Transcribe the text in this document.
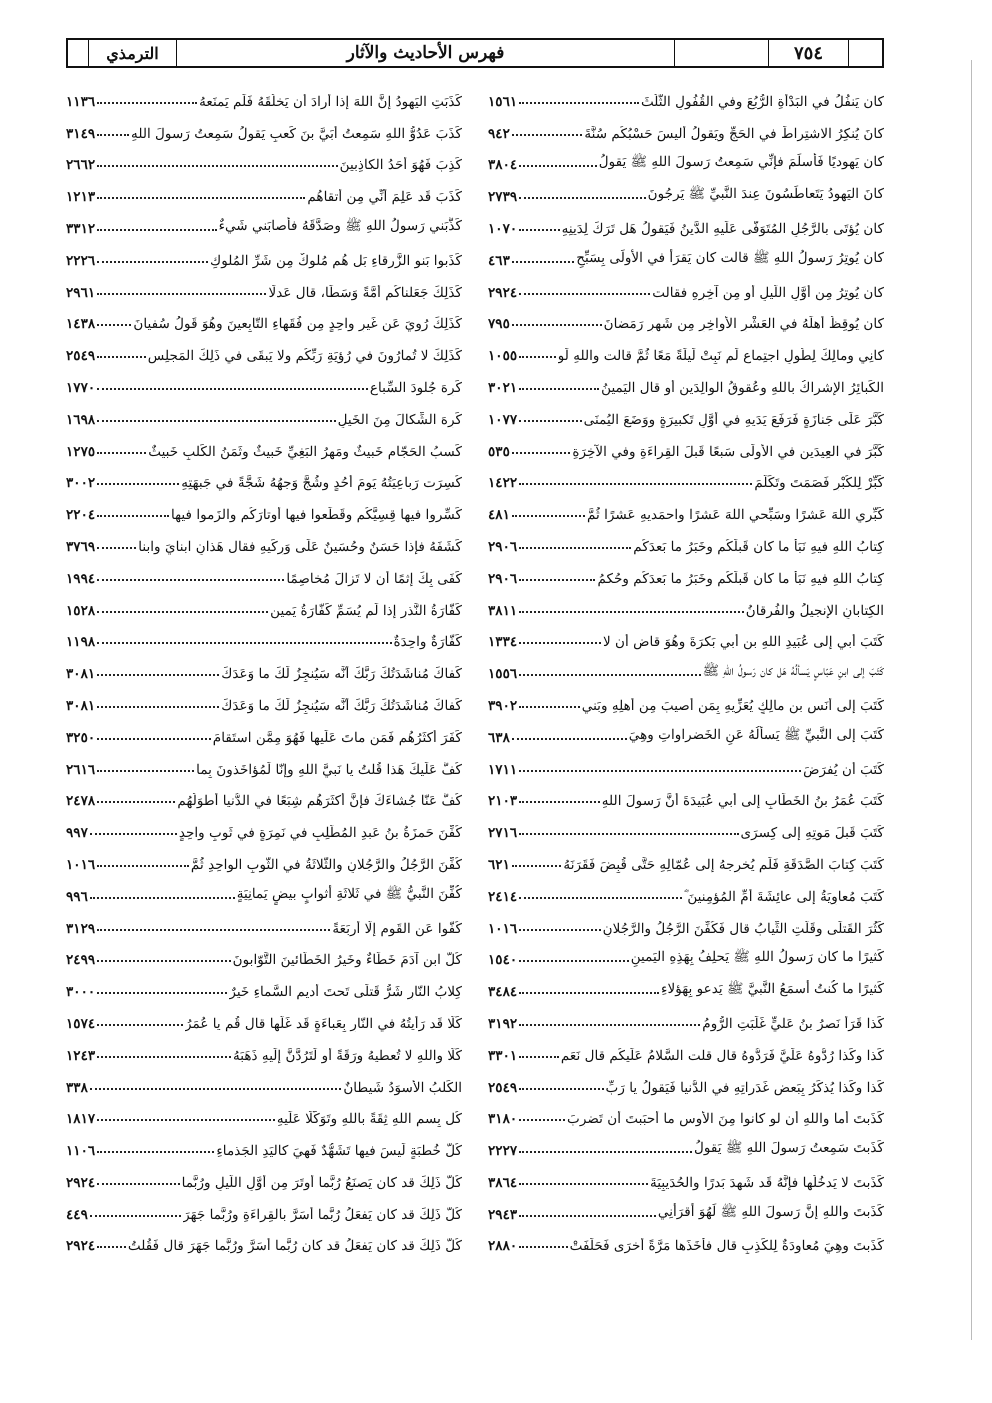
٧٥٤
فهرس الأحاديث والآثار
الترمذي
كان يَنفُلُ في البَدْأةِ الرُّبُعَ وفي القُفُولِ الثُّلُثَ
١٥٦١
كانَ يُنكِرُ الاشتِراطَ في الحَجِّ ويَقولُ أليسَ حَسْبُكُم سُنَّةَ
٩٤٢
كان يَهوديًا فَأسلَمَ فإنِّي سَمِعتُ رَسولَ اللهِ ﷺ يَقولُ
٣٨٠٤
كانَ اليَهودُ يَتَعاطَسُونَ عِندَ النَّبيِّ ﷺ يَرجُونَ
٢٧٣٩
كان يُؤتَى بالرَّجُلِ المُتَوَفَّى عَلَيهِ الدَّينُ فَيَقولُ هَل تَرَكَ لِدَينِهِ
١٠٧٠
كان يُوتِرُ رَسولُ اللهِ ﷺ قالت كان يَقرَأُ في الأُولَى بِسَبِّحِ
٤٦٣
كان يُوتِرُ مِن أوَّلِ اللَّيلِ أو مِن آخِرِهِ فقالت
٢٩٢٤
كان يُوقِظُ أهلَهُ في العَشْرِ الأواخِرِ مِن شَهرِ رَمَضانَ
٧٩٥
كانِي ومالِكَ لِطُولِ اجتِماعٍ لَم نَبِتْ لَيلَةً مَعًا ثُمَّ قالت واللهِ لَو
١٠٥٥
الكَبائِرُ الإشراكُ باللهِ وعُقوقُ الوالِدَينِ أو قال اليَمينُ
٣٠٢١
كَبَّرَ عَلَى جَنازَةٍ فَرَفَعَ يَدَيهِ في أوَّلِ تَكبيرَةٍ ووَضَعَ اليُمنَى
١٠٧٧
كَبَّرَ في العِيدَينِ في الأُولَى سَبعًا قَبلَ القِراءَةِ وفي الآخِرَةِ
٥٣٥
كَبِّرْ لِلكُبْرِ فَصَمَتَ وتَكَلَّمَ
١٤٢٢
كَبِّري اللهَ عَشرًا وسَبِّحي اللهَ عَشرًا واحمَديهِ عَشرًا ثُمَّ
٤٨١
كِتابُ اللهِ فيهِ نَبَأُ ما كان قَبلَكُم وخَبَرُ ما بَعدَكُم
٢٩٠٦
كِتابُ اللهِ فيهِ نَبَأُ ما كان قَبلَكُم وخَبَرُ ما بَعدَكُم وحُكمُ
٢٩٠٦
الكِتابانِ الإنجيلُ والفُرقانُ
٣٨١١
كَتَبَ أبي إلى عُبَيدِ اللهِ بنِ أبي بَكرَةَ وهُوَ قاضٍ أن لا
١٣٣٤
كَتَبَ إلى ابنِ عَبّاسٍ يَسألُهُ هَل كان رَسولُ اللهِ ﷺ
١٥٥٦
كَتَبَ إلى أنَسِ بنِ مالِكٍ يُعَزِّيهِ بِمَن أُصيبَ مِن أهلِهِ وبَني
٣٩٠٢
كَتَبَ إلى النَّبيِّ ﷺ يَسألُهُ عَنِ الخَضراواتِ وهِيَ
٦٣٨
كَتَبَ أن يُفرَضَ
١٧١١
كَتَبَ عُمَرُ بنُ الخَطّابِ إلى أبي عُبَيدَةَ أنَّ رَسولَ اللهِ
٢١٠٣
كَتَبَ قَبلَ مَوتِهِ إلى كِسرَى
٢٧١٦
كَتَبَ كِتابَ الصَّدَقَةِ فَلَم يُخرِجهُ إلى عُمّالِهِ حَتَّى قُبِضَ فَقَرَنَهُ
٦٢١
كَتَبَ مُعاوِيَةُ إلى عائِشَةَ أُمِّ المُؤمِنينَ ؓ
٢٤١٤
كَثُرَ القَتلَى وقَلَّتِ الثِّيابُ قال فَكُفِّنَ الرَّجُلُ والرَّجُلانِ
١٠١٦
كَثيرًا ما كان رَسولُ اللهِ ﷺ يَحلِفُ بِهَذِهِ اليَمينِ
١٥٤٠
كَثيرًا ما كُنتُ أسمَعُ النَّبيَّ ﷺ يَدعو بِهَؤلاءِ
٣٤٨٤
كَذا قَرَأ نَصرُ بنُ عَليٍّ غَلَبَتِ الرُّومُ
٣١٩٢
كَذا وكَذا رُدُّوهُ عَلَيَّ فَرَدُّوهُ قال قلت السَّلامُ عَلَيكُم قال نَعَم
٣٣٠١
كَذا وكَذا يُذكَرُ بِبَعضِ غَدَراتِهِ في الدُّنيا فَيَقولُ يا رَبِّ
٢٥٤٩
كَذَبتَ أما واللهِ أن لو كانوا مِنَ الأوسِ ما أحبَبتَ أن تَضرِبَ
٣١٨٠
كَذَبتَ سَمِعتُ رَسولَ اللهِ ﷺ يَقولُ
٢٢٢٧
كَذَبتَ لا يَدخُلُها فإنَّهُ قَد شَهِدَ بَدرًا والحُدَيبِيَةَ
٣٨٦٤
كَذَبتَ واللهِ إنَّ رَسولَ اللهِ ﷺ لَهُوَ أقرَأنِي
٢٩٤٣
كَذَبتَ وهِيَ مُعاوِدَةٌ لِلكَذِبِ قال فأخَذَها مَرَّةً أُخرَى فَحَلَفَتْ
٢٨٨٠
كَذَبَتِ اليَهودُ إنَّ اللهَ إذا أرادَ أن يَخلُقَهُ فَلَم يَمنَعهُ
١١٣٦
كَذَبَ عَدُوُّ اللهِ سَمِعتُ أُبَيَّ بنَ كَعبٍ يَقولُ سَمِعتُ رَسولَ اللهِ
٣١٤٩
كَذِبَ فَهُوَ أحَدُ الكاذِبينَ
٢٦٦٢
كَذَبَ قَد عَلِمَ أنِّي مِن أتقاهُم
١٢١٣
كَذَّبَني رَسولُ اللهِ ﷺ وصَدَّقَهُ فأصابَني شَيءٌ
٣٣١٢
كَذَبوا بَنو الزَّرقاءِ بَل هُم مُلوكٌ مِن شَرِّ المُلوكِ
٢٢٢٦
كَذَلِكَ جَعَلناكُم أُمَّةً وَسَطًا، قال عَدلًا
٢٩٦١
كَذَلِكَ رُوِيَ عَن غَيرِ واحِدٍ مِن فُقَهاءِ التّابِعينَ وهُوَ قَولُ سُفيانَ
١٤٣٨
كَذَلِكَ لا تُمارُونَ في رُؤيَةِ رَبِّكُم ولا يَبقَى في ذَلِكَ المَجلِسِ
٢٥٤٩
كَرِهَ جُلودَ السِّباعِ
١٧٧٠
كَرِهَ الشِّكالَ مِنَ الخَيلِ
١٦٩٨
كَسبُ الحَجّامِ خَبيثٌ ومَهرُ البَغِيِّ خَبيثٌ وثَمَنُ الكَلبِ خَبيثٌ
١٢٧٥
كُسِرَت رَباعِيَتُهُ يَومَ أُحُدٍ وشُجَّ وَجهُهُ شَجَّةً في جَبهَتِهِ
٣٠٠٢
كَسِّروا فيها قِسِيَّكُم وقَطِّعوا فيها أوتارَكُم والزَموا فيها
٢٢٠٤
كَشَفَهُ فإذا حَسَنٌ وحُسَينٌ عَلَى وَرِكَيهِ فقال هَذانِ ابنايَ وابنا
٣٧٦٩
كَفَى بِكَ إثمًا أن لا تَزالَ مُخاصِمًا
١٩٩٤
كَفّارَةُ النَّذرِ إذا لَم يُسَمِّ كَفّارَةُ يَمينٍ
١٥٢٨
كَفّارَةٌ واحِدَةٌ
١١٩٨
كَفاكَ مُناشَدَتُكَ رَبَّكَ أنَّه سَيُنجِزُ لَكَ ما وَعَدَكَ
٣٠٨١
كَفاكَ مُناشَدَتُكَ رَبَّكَ أنَّه سَيُنجِزُ لَكَ ما وَعَدَكَ
٣٠٨١
كَفَرَ أكثَرُهُم فَمَن ماتَ عَلَيها فَهُوَ مِمَّن استَقامَ
٣٢٥٠
كُفَّ عَلَيكَ هَذا قُلتُ يا نَبيَّ اللهِ وإنّا لَمُؤاخَذونَ بِما
٢٦١٦
كُفَّ عَنّا جُشاءَكَ فإنَّ أكثَرَهُم شِبَعًا في الدُّنيا أطوَلُهُم
٢٤٧٨
كُفِّنَ حَمزَةُ بنُ عَبدِ المُطَّلِبِ في نَمِرَةٍ في ثَوبٍ واحِدٍ
٩٩٧
كُفِّنَ الرَّجُلُ والرَّجُلانِ والثَّلاثَةُ في الثَّوبِ الواحِدِ ثُمَّ
١٠١٦
كُفِّنَ النَّبيُّ ﷺ في ثَلاثَةِ أثوابٍ بيضٍ يَمانِيَةٍ
٩٩٦
كُفّوا عَنِ القَومِ إلّا أربَعَةً
٣١٢٩
كُلُّ ابنِ آدَمَ خَطّاءٌ وخَيرُ الخَطّائينَ التَّوّابونَ
٢٤٩٩
كِلابُ النّارِ شَرُّ قَتلَى تَحتَ أديمِ السَّماءِ خَيرٌ
٣٠٠٠
كَلّا قَد رَأيتُهُ في النّارِ بِعَباءَةٍ قَد غَلَّها قال قُم يا عُمَرُ
١٥٧٤
كَلّا واللهِ لا تُعطيهُ ورَقَةً أو لَتَرُدَّنَّ إلَيهِ ذَهَبَهُ
١٢٤٣
الكَلبُ الأسوَدُ شَيطانٌ
٣٣٨
كُل بِسمِ اللهِ ثِقَةً باللهِ وتَوَكُّلًا عَلَيهِ
١٨١٧
كُلُّ خُطبَةٍ لَيسَ فيها تَشَهُّدٌ فَهِيَ كاليَدِ الجَذماءِ
١١٠٦
كُلُّ ذَلِكَ قد كان يَصنَعُ رُبَّما أوتَرَ مِن أوَّلِ اللَّيلِ ورُبَّما
٢٩٢٤
كُلُّ ذَلِكَ قد كان يَفعَلُ رُبَّما أسَرَّ بالقِراءَةِ ورُبَّما جَهَرَ
٤٤٩
كُلُّ ذَلِكَ قد كان يَفعَلُ قد كان رُبَّما أسَرَّ ورُبَّما جَهَرَ قال فَقُلتُ
٢٩٢٤
